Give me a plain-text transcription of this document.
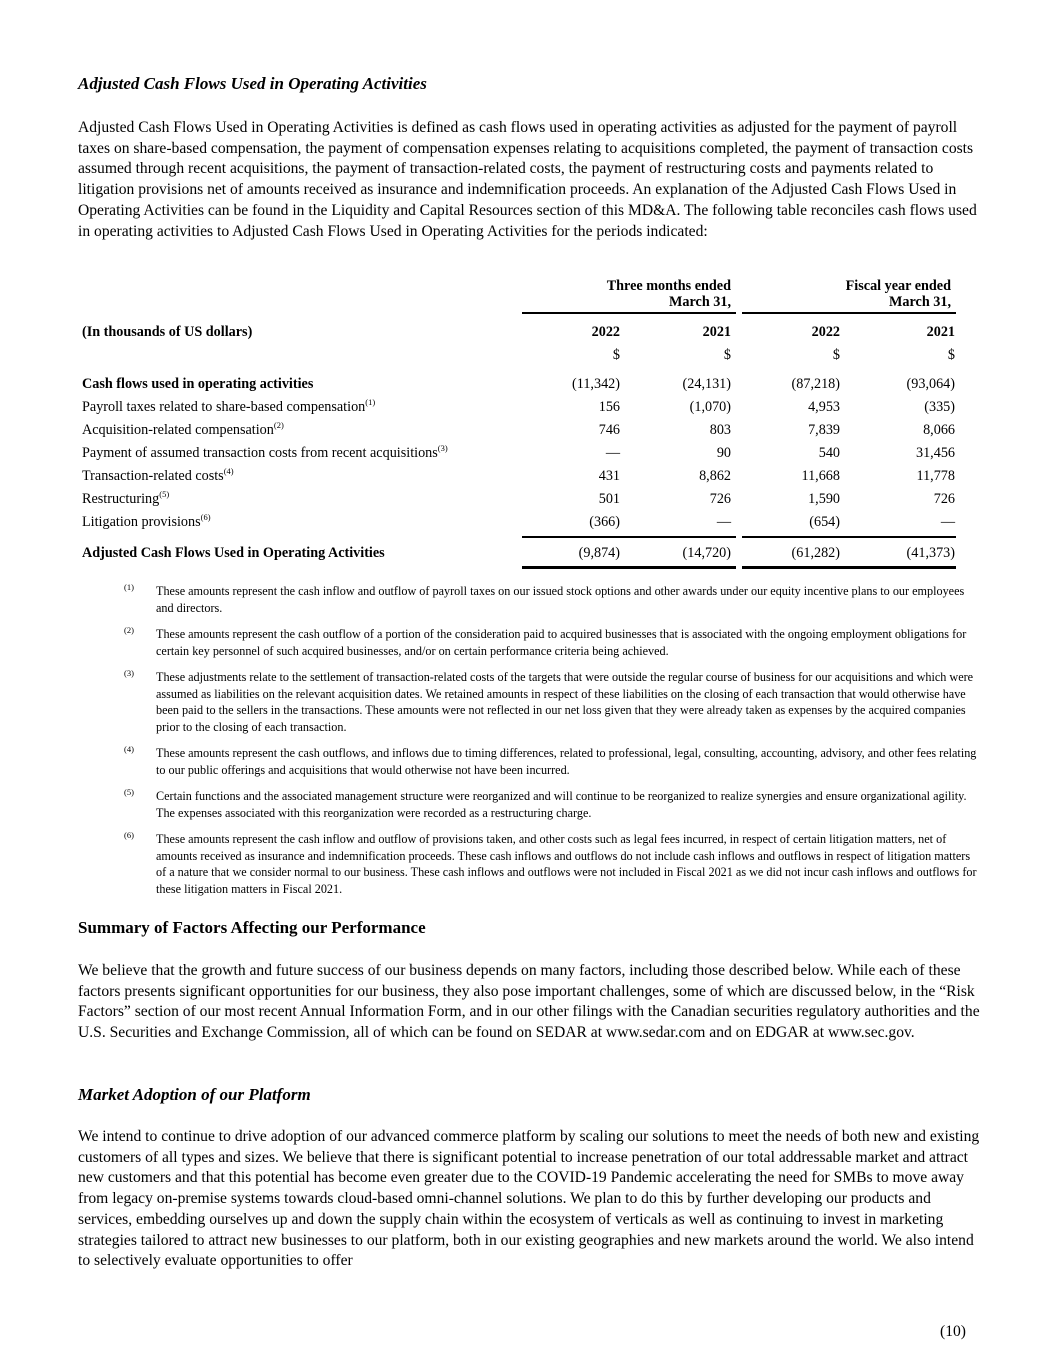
Adjusted Cash Flows Used in Operating Activities
Adjusted Cash Flows Used in Operating Activities is defined as cash flows used in operating activities as adjusted for the payment of payroll taxes on share-based compensation, the payment of compensation expenses relating to acquisitions completed, the payment of transaction costs assumed through recent acquisitions, the payment of transaction-related costs, the payment of restructuring costs and payments related to litigation provisions net of amounts received as insurance and indemnification proceeds. An explanation of the Adjusted Cash Flows Used in Operating Activities can be found in the Liquidity and Capital Resources section of this MD&A. The following table reconciles cash flows used in operating activities to Adjusted Cash Flows Used in Operating Activities for the periods indicated:
Three months ended
March 31,
Fiscal year ended
March 31,
(In thousands of US dollars)	2022	2021	2022	2021
$	$	$	$
Cash flows used in operating activities	(11,342)	(24,131)	(87,218)	(93,064)
Payroll taxes related to share-based compensation$^{(1)}$	156	(1,070)	4,953	(335)
Acquisition-related compensation$^{(2)}$	746	803	7,839	8,066
Payment of assumed transaction costs from recent acquisitions$^{(3)}$	—	90	540	31,456
Transaction-related costs$^{(4)}$	431	8,862	11,668	11,778
Restructuring$^{(5)}$	501	726	1,590	726
Litigation provisions$^{(6)}$	(366)	—	(654)	—
Adjusted Cash Flows Used in Operating Activities	(9,874)	(14,720)	(61,282)	(41,373)
(1) These amounts represent the cash inflow and outflow of payroll taxes on our issued stock options and other awards under our equity incentive plans to our employees and directors.
(2) These amounts represent the cash outflow of a portion of the consideration paid to acquired businesses that is associated with the ongoing employment obligations for certain key personnel of such acquired businesses, and/or on certain performance criteria being achieved.
(3) These adjustments relate to the settlement of transaction-related costs of the targets that were outside the regular course of business for our acquisitions and which were assumed as liabilities on the relevant acquisition dates. We retained amounts in respect of these liabilities on the closing of each transaction that would otherwise have been paid to the sellers in the transactions. These amounts were not reflected in our net loss given that they were already taken as expenses by the acquired companies prior to the closing of each transaction.
(4) These amounts represent the cash outflows, and inflows due to timing differences, related to professional, legal, consulting, accounting, advisory, and other fees relating to our public offerings and acquisitions that would otherwise not have been incurred.
(5) Certain functions and the associated management structure were reorganized and will continue to be reorganized to realize synergies and ensure organizational agility. The expenses associated with this reorganization were recorded as a restructuring charge.
(6) These amounts represent the cash inflow and outflow of provisions taken, and other costs such as legal fees incurred, in respect of certain litigation matters, net of amounts received as insurance and indemnification proceeds. These cash inflows and outflows do not include cash inflows and outflows in respect of litigation matters of a nature that we consider normal to our business. These cash inflows and outflows were not included in Fiscal 2021 as we did not incur cash inflows and outflows for these litigation matters in Fiscal 2021.
Summary of Factors Affecting our Performance
We believe that the growth and future success of our business depends on many factors, including those described below. While each of these factors presents significant opportunities for our business, they also pose important challenges, some of which are discussed below, in the “Risk Factors” section of our most recent Annual Information Form, and in our other filings with the Canadian securities regulatory authorities and the U.S. Securities and Exchange Commission, all of which can be found on SEDAR at www.sedar.com and on EDGAR at www.sec.gov.
Market Adoption of our Platform
We intend to continue to drive adoption of our advanced commerce platform by scaling our solutions to meet the needs of both new and existing customers of all types and sizes. We believe that there is significant potential to increase penetration of our total addressable market and attract new customers and that this potential has become even greater due to the COVID-19 Pandemic accelerating the need for SMBs to move away from legacy on-premise systems towards cloud-based omni-channel solutions. We plan to do this by further developing our products and services, embedding ourselves up and down the supply chain within the ecosystem of verticals as well as continuing to invest in marketing strategies tailored to attract new businesses to our platform, both in our existing geographies and new markets around the world. We also intend to selectively evaluate opportunities to offer
(10)
